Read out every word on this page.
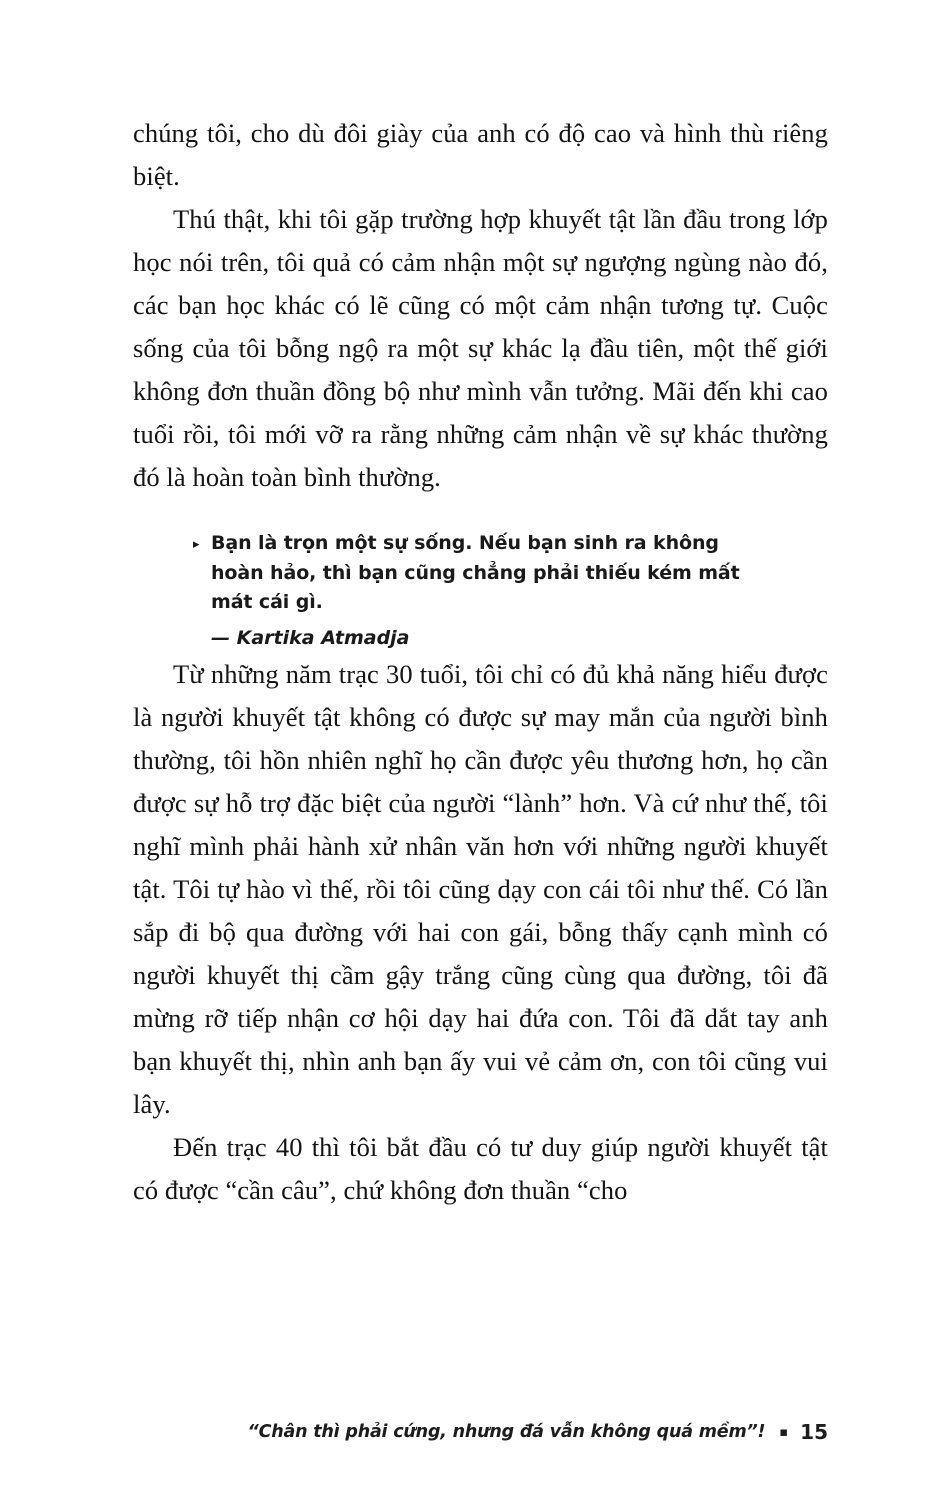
chúng tôi, cho dù đôi giày của anh có độ cao và hình thù riêng biệt.

Thú thật, khi tôi gặp trường hợp khuyết tật lần đầu trong lớp học nói trên, tôi quả có cảm nhận một sự ngượng ngùng nào đó, các bạn học khác có lẽ cũng có một cảm nhận tương tự. Cuộc sống của tôi bỗng ngộ ra một sự khác lạ đầu tiên, một thế giới không đơn thuần đồng bộ như mình vẫn tưởng. Mãi đến khi cao tuổi rồi, tôi mới vỡ ra rằng những cảm nhận về sự khác thường đó là hoàn toàn bình thường.

▸ Bạn là trọn một sự sống. Nếu bạn sinh ra không hoàn hảo, thì bạn cũng chẳng phải thiếu kém mất mát cái gì.
— Kartika Atmadja

Từ những năm trạc 30 tuổi, tôi chỉ có đủ khả năng hiểu được là người khuyết tật không có được sự may mắn của người bình thường, tôi hồn nhiên nghĩ họ cần được yêu thương hơn, họ cần được sự hỗ trợ đặc biệt của người “lành” hơn. Và cứ như thế, tôi nghĩ mình phải hành xử nhân văn hơn với những người khuyết tật. Tôi tự hào vì thế, rồi tôi cũng dạy con cái tôi như thế. Có lần sắp đi bộ qua đường với hai con gái, bỗng thấy cạnh mình có người khuyết thị cầm gậy trắng cũng cùng qua đường, tôi đã mừng rỡ tiếp nhận cơ hội dạy hai đứa con. Tôi đã dắt tay anh bạn khuyết thị, nhìn anh bạn ấy vui vẻ cảm ơn, con tôi cũng vui lây.

Đến trạc 40 thì tôi bắt đầu có tư duy giúp người khuyết tật có được “cần câu”, chứ không đơn thuần “cho

“Chân thì phải cứng, nhưng đá vẫn không quá mềm”! ▪ 15
